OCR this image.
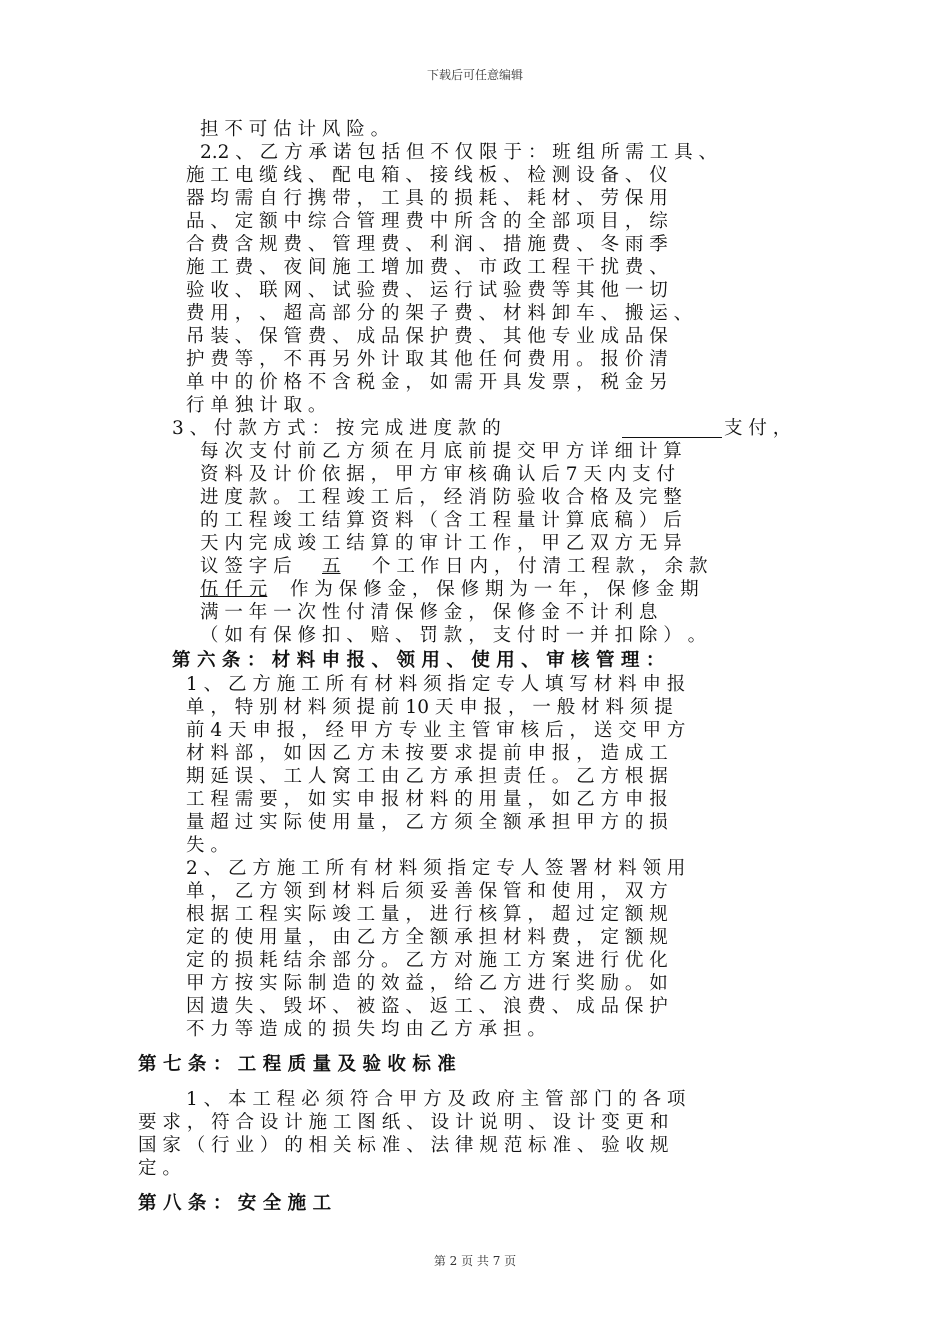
下载后可任意编辑
担 不 可 估 计 风 险 。
2.2 、 乙 方 承 诺 包 括 但 不 仅 限 于 ： 班 组 所 需 工 具 、
施 工 电 缆 线 、 配 电 箱 、 接 线 板 、 检 测 设 备 、 仪
器 均 需 自 行 携 带 ， 工 具 的 损 耗 、 耗 材 、 劳 保 用
品 、 定 额 中 综 合 管 理 费 中 所 含 的 全 部 项 目 ， 综
合 费 含 规 费 、 管 理 费 、 利 润 、 措 施 费 、 冬 雨 季
施 工 费 、 夜 间 施 工 增 加 费 、 市 政 工 程 干 扰 费 、
验 收 、 联 网 、 试 验 费 、 运 行 试 验 费 等 其 他 一 切
费 用 ， 、 超 高 部 分 的 架 子 费 、 材 料 卸 车 、 搬 运 、
吊 装 、 保 管 费 、 成 品 保 护 费 、 其 他 专 业 成 品 保
护 费 等 ， 不 再 另 外 计 取 其 他 任 何 费 用 。 报 价 清
单 中 的 价 格 不 含 税 金 ， 如 需 开 具 发 票 ， 税 金 另
行 单 独 计 取 。
3 、 付 款 方 式 ： 按 完 成 进 度 款 的	支 付 ，
每 次 支 付 前 乙 方 须 在 月 底 前 提 交 甲 方 详 细 计 算
资 料 及 计 价 依 据 ， 甲 方 审 核 确 认 后 7 天 内 支 付
进 度 款 。 工 程 竣 工 后 ， 经 消 防 验 收 合 格 及 完 整
的 工 程 竣 工 结 算 资 料 （ 含 工 程 量 计 算 底 稿 ） 后
天 内 完 成 竣 工 结 算 的 审 计 工 作 ， 甲 乙 双 方 无 异
议 签 字 后 五 个 工 作 日 内 ， 付 清 工 程 款 ， 余 款
伍 仟 元 作 为 保 修 金 ， 保 修 期 为 一 年 ， 保 修 金 期
满 一 年 一 次 性 付 清 保 修 金 ， 保 修 金 不 计 利 息
（ 如 有 保 修 扣 、 赔 、 罚 款 ， 支 付 时 一 并 扣 除 ） 。
第 六 条 ： 材 料 申 报 、 领 用 、 使 用 、 审 核 管 理 ：
1 、 乙 方 施 工 所 有 材 料 须 指 定 专 人 填 写 材 料 申 报
单 ， 特 别 材 料 须 提 前 10 天 申 报 ， 一 般 材 料 须 提
前 4 天 申 报 ， 经 甲 方 专 业 主 管 审 核 后 ， 送 交 甲 方
材 料 部 ， 如 因 乙 方 未 按 要 求 提 前 申 报 ， 造 成 工
期 延 误 、 工 人 窝 工 由 乙 方 承 担 责 任 。 乙 方 根 据
工 程 需 要 ， 如 实 申 报 材 料 的 用 量 ， 如 乙 方 申 报
量 超 过 实 际 使 用 量 ， 乙 方 须 全 额 承 担 甲 方 的 损
失 。
2 、 乙 方 施 工 所 有 材 料 须 指 定 专 人 签 署 材 料 领 用
单 ， 乙 方 领 到 材 料 后 须 妥 善 保 管 和 使 用 ， 双 方
根 据 工 程 实 际 竣 工 量 ， 进 行 核 算 ， 超 过 定 额 规
定 的 使 用 量 ， 由 乙 方 全 额 承 担 材 料 费 ， 定 额 规
定 的 损 耗 结 余 部 分 。 乙 方 对 施 工 方 案 进 行 优 化
甲 方 按 实 际 制 造 的 效 益 ， 给 乙 方 进 行 奖 励 。 如
因 遗 失 、 毁 坏 、 被 盗 、 返 工 、 浪 费 、 成 品 保 护
不 力 等 造 成 的 损 失 均 由 乙 方 承 担 。
第 七 条 ： 工 程 质 量 及 验 收 标 准
1 、 本 工 程 必 须 符 合 甲 方 及 政 府 主 管 部 门 的 各 项
要 求 ， 符 合 设 计 施 工 图 纸 、 设 计 说 明 、 设 计 变 更 和
国 家 （ 行 业 ） 的 相 关 标 准 、 法 律 规 范 标 准 、 验 收 规
定 。
第 八 条 ： 安 全 施 工
第 2 页 共 7 页
